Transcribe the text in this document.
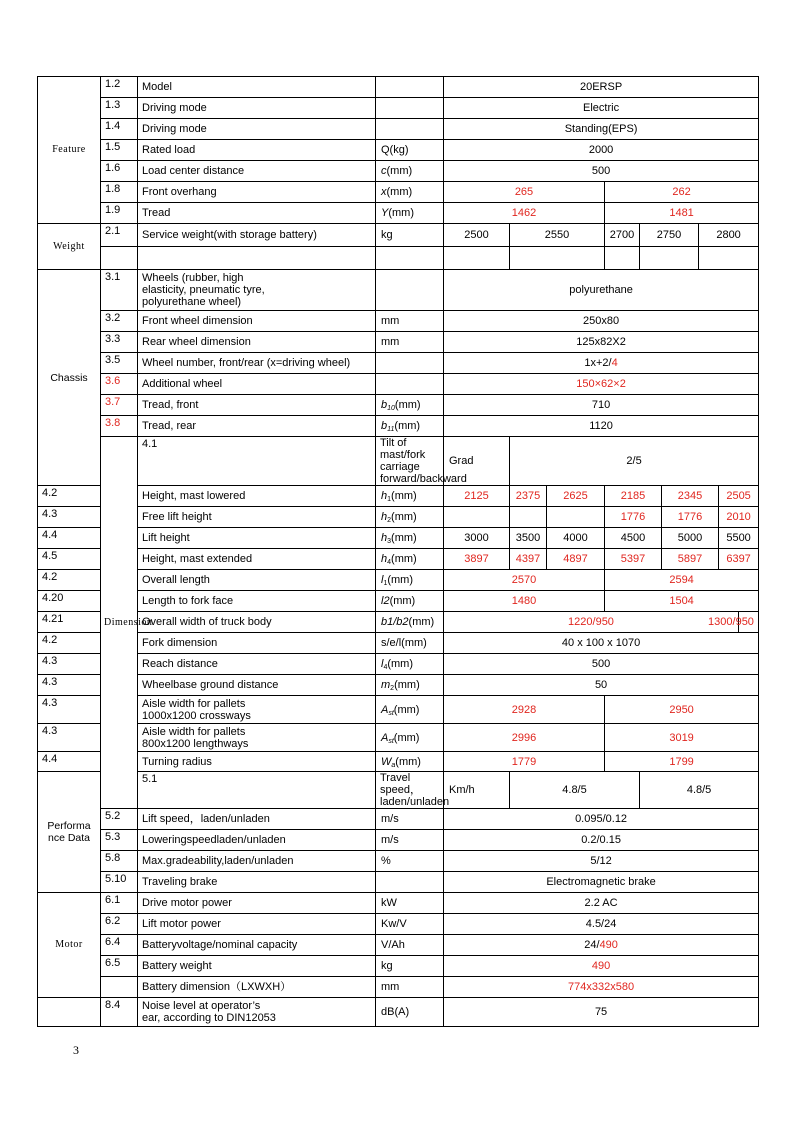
Feature	1.2	Model		20ERSP								
	1.3	Driving mode		Electric								
	1.4	Driving mode		Standing(EPS)								
	1.5	Rated load	Q(kg)	2000								
	1.6	Load center distance	c(mm)	500								
	1.8	Front overhang	x(mm)	265			262					
	1.9	Tread	Y(mm)	1462			1481					
Weight	2.1	Service weight(with storage battery)	kg	2500	2550		2700	2750		2800		

Chassis	3.1	Wheels (rubber, high
elasticity, pneumatic tyre,
polyurethane wheel)		polyurethane								
	3.2	Front wheel dimension	mm	250x80								
	3.3	Rear wheel dimension	mm	125x82X2								
	3.5	Wheel number, front/rear (x=driving wheel)		1x+2/4								
	3.6	Additional wheel		150×62×2								
	3.7	Tread, front	$b_{10}(mm)$	710								
	3.8	Tread, rear	$b_{11}(mm)$	1120								
	Dimension	4.1	Tilt of mast/fork carriage forward/backward	Grad	2/5							
4.2		Height, mast lowered	$h_1(mm)$	2125	2375	2625	2185		2345		2505	
4.3		Free lift height	$h_2(mm)$				1776		1776		2010	
4.4		Lift height	$h_3(mm)$	3000	3500	4000	4500		5000		5500	
4.5		Height, mast extended	$h_4(mm)$	3897	4397	4897	5397		5897		6397	
4.2		Overall length	$l_1(mm)$	2570			2594					
4.20		Length to fork face	l2(mm)	1480			1504					
4.21		Overall width of truck body	b1/b2(mm)	1220/950								1300/950
4.2		Fork dimension	s/e/l(mm)	40 x 100 x 1070								
4.3		Reach distance	$l_4(mm)$	500								
4.3		Wheelbase ground distance	$m_2(mm)$	50								
4.3		Aisle width for pallets
1000x1200 crossways	$A_{st}(mm)$	2928			2950					
4.3		Aisle width for pallets
800x1200 lengthways	$A_{st}(mm)$	2996			3019					
4.4		Turning radius	$W_a(mm)$	1779			1799					
Performa
nce Data		5.1	Travel speed，laden/unladen	Km/h	4.8/5			4.8/5				
	5.2	Lift speed，laden/unladen	m/s	0.095/0.12								
	5.3	Loweringspeedladen/unladen	m/s	0.2/0.15								
	5.8	Max.gradeability,laden/unladen	%	5/12								
	5.10	Traveling brake		Electromagnetic brake								
Motor	6.1	Drive motor power	kW	2.2 AC								
	6.2	Lift motor power	Kw/V	4.5/24								
	6.4	Batteryvoltage/nominal capacity	V/Ah	24/490								
	6.5	Battery weight	kg	490								
		Battery dimension（LXWXH）	mm	774x332x580								
	8.4	Noise level at operator’s
ear, according to DIN12053	dB(A)	75								
3
